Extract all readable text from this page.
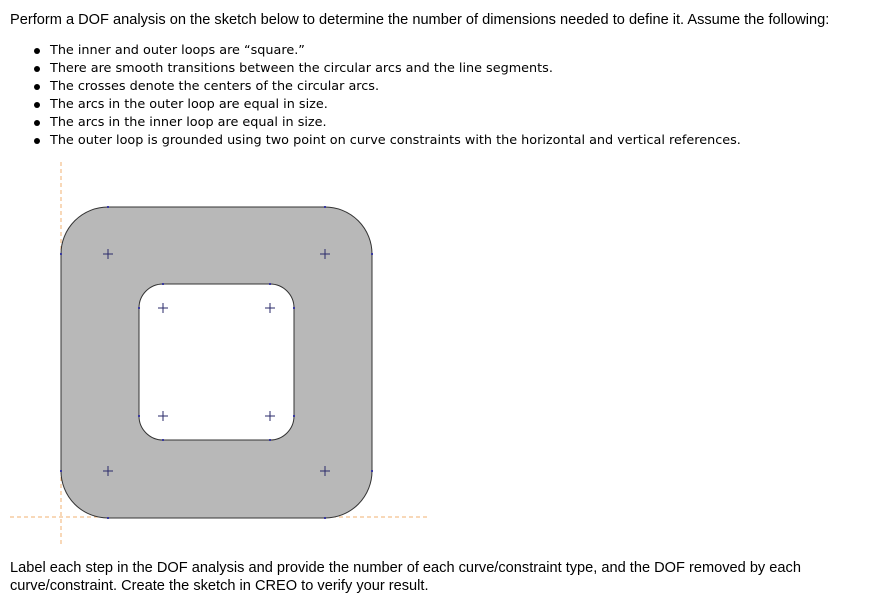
Perform a DOF analysis on the sketch below to determine the number of dimensions needed to define it. Assume the following:
The inner and outer loops are “square.”
There are smooth transitions between the circular arcs and the line segments.
The crosses denote the centers of the circular arcs.
The arcs in the outer loop are equal in size.
The arcs in the inner loop are equal in size.
The outer loop is grounded using two point on curve constraints with the horizontal and vertical references.
Label each step in the DOF analysis and provide the number of each curve/constraint type, and the DOF removed by each curve/constraint. Create the sketch in CREO to verify your result.
